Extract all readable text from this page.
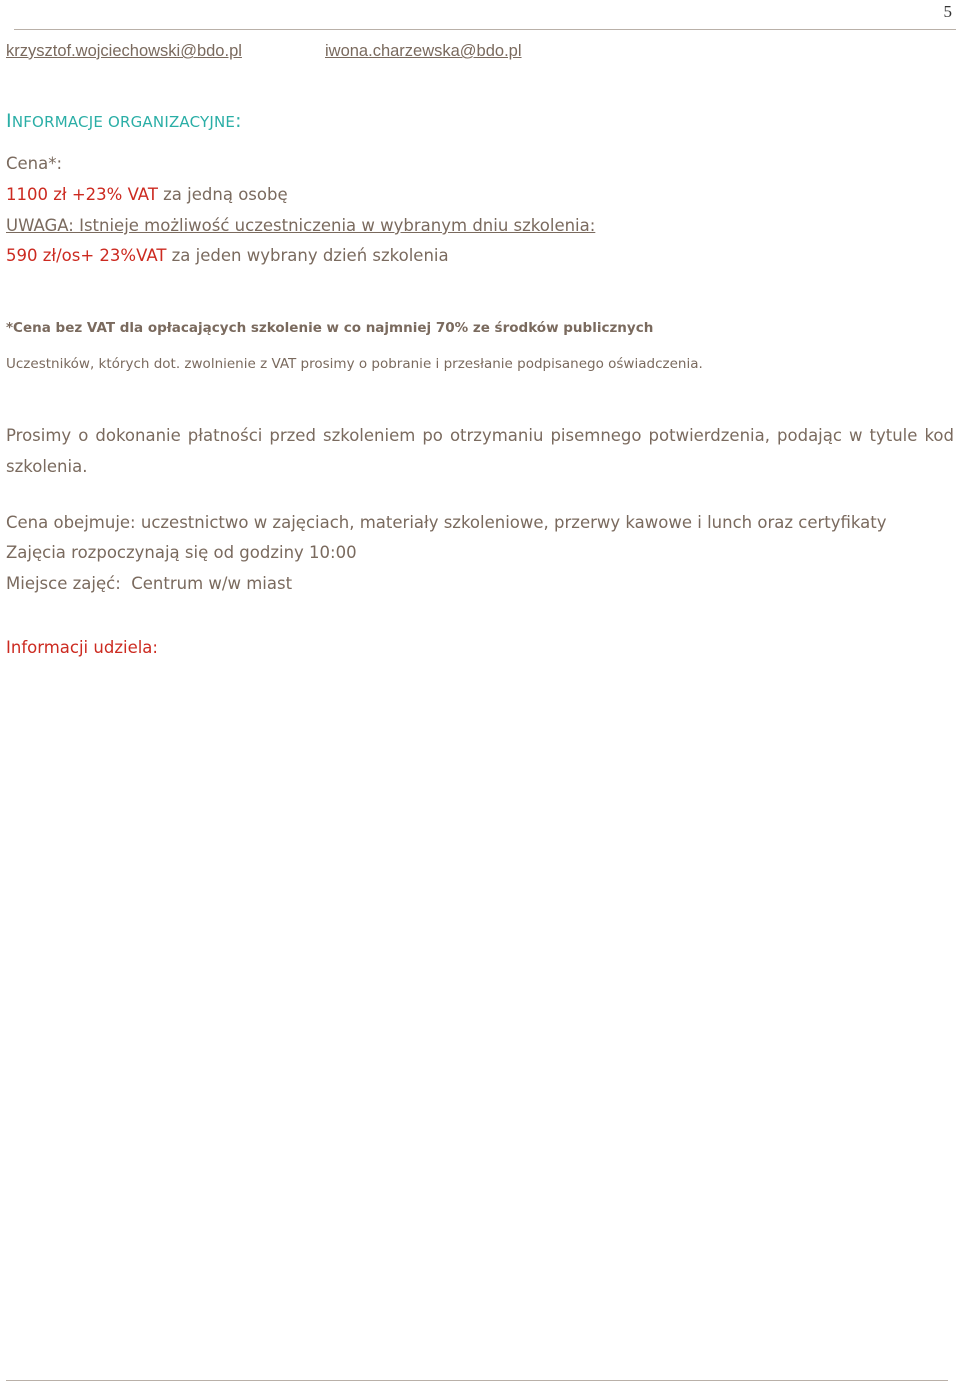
5
krzysztof.wojciechowski@bdo.pl	iwona.charzewska@bdo.pl
INFORMACJE ORGANIZACYJNE:
Cena*:
1100 zł +23% VAT za jedną osobę
UWAGA: Istnieje możliwość uczestniczenia w wybranym dniu szkolenia:
590 zł/os+ 23%VAT za jeden wybrany dzień szkolenia
*Cena bez VAT dla opłacających szkolenie w co najmniej 70% ze środków publicznych
Uczestników, których dot. zwolnienie z VAT prosimy o pobranie i przesłanie podpisanego oświadczenia.
Prosimy o dokonanie płatności przed szkoleniem po otrzymaniu pisemnego potwierdzenia, podając w tytule kod szkolenia.
Cena obejmuje: uczestnictwo w zajęciach, materiały szkoleniowe, przerwy kawowe i lunch oraz certyfikaty
Zajęcia rozpoczynają się od godziny 10:00
Miejsce zajęć:  Centrum w/w miast
Informacji udziela:
